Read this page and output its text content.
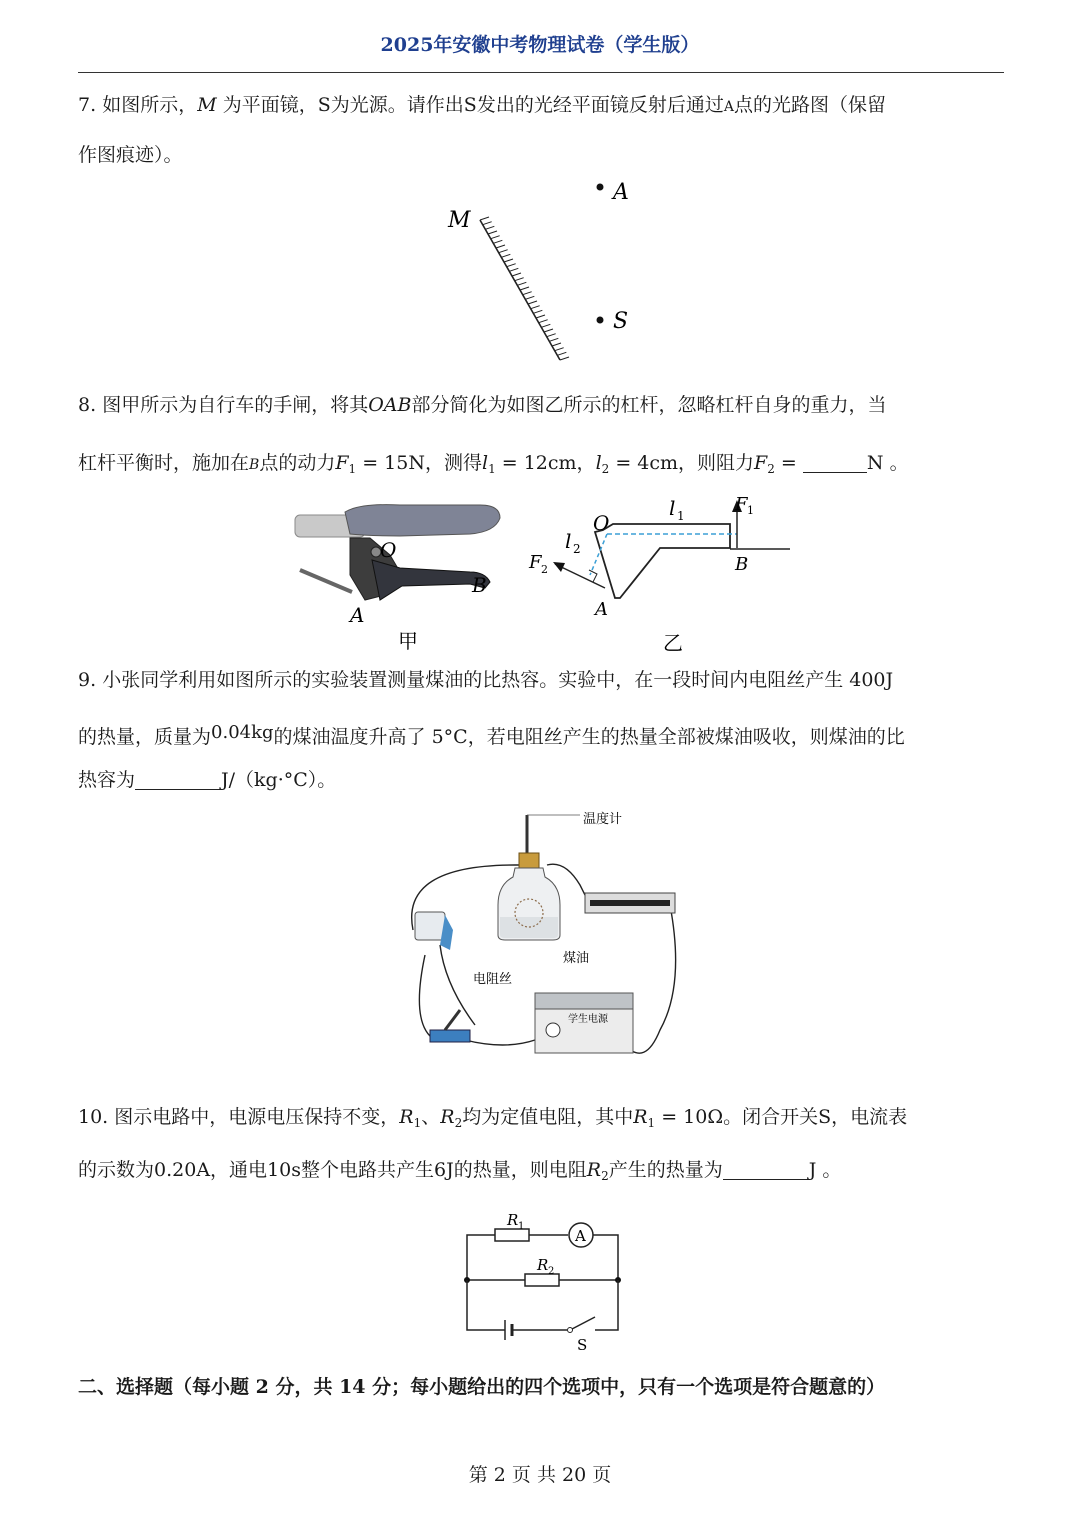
2025年安徽中考物理试卷（学生版）
7. 如图所示，M 为平面镜，S为光源。请作出S发出的光经平面镜反射后通过A点的光路图（保留
作图痕迹）。
M
A
S
8. 图甲所示为自行车的手闸，将其OAB部分简化为如图乙所示的杠杆，忽略杠杆自身的重力，当
杠杆平衡时，施加在B点的动力$F_1 = 15N$，测得$l_1 = 12cm$，$l_2 = 4cm$，则阻力$F_2$ =	N 。
O
A
B
甲
O
A
B
l 1
l 2
F 1
F 2
乙
9. 小张同学利用如图所示的实验装置测量煤油的比热容。实验中，在一段时间内电阻丝产生 400J
的热量，质量为0.04kg的煤油温度升高了 5°C，若电阻丝产生的热量全部被煤油吸收，则煤油的比
热容为	J/（kg·°C）。
温度计
煤油
电阻丝
学生电源
10. 图示电路中，电源电压保持不变，$R_1$、$R_2$均为定值电阻，其中$R_1 = 10\Omega$。闭合开关S，电流表
的示数为0.20A，通电10s整个电路共产生6J的热量，则电阻$R_2$产生的热量为	J 。
A
R 1
R 2
S
二、选择题（每小题 2 分，共 14 分；每小题给出的四个选项中，只有一个选项是符合题意的）
第 2 页 共 20 页
